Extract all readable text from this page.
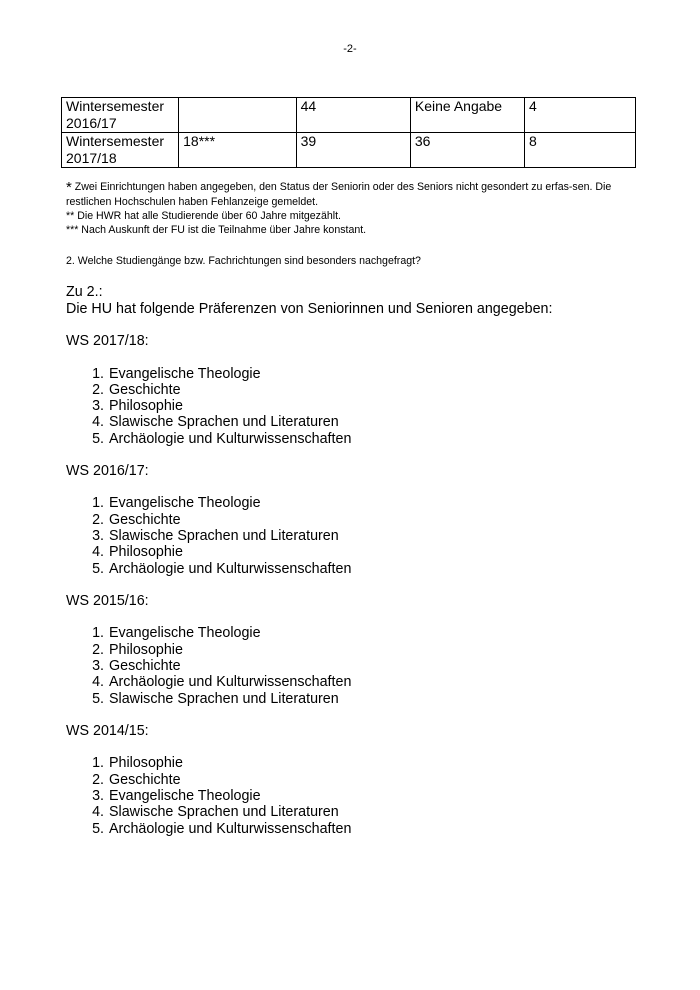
-2-
Wintersemester 2016/17		44	Keine Angabe	4
Wintersemester 2017/18	18***	39	36	8

* Zwei Einrichtungen haben angegeben, den Status der Seniorin oder des Seniors nicht gesondert zu erfas-sen. Die restlichen Hochschulen haben Fehlanzeige gemeldet.

** Die HWR hat alle Studierende über 60 Jahre mitgezählt.

*** Nach Auskunft der FU ist die Teilnahme über Jahre konstant.

2. Welche Studiengänge bzw. Fachrichtungen sind besonders nachgefragt?

Zu 2.:

Die HU hat folgende Präferenzen von Seniorinnen und Senioren angegeben:

WS 2017/18:

1. Evangelische Theologie
2. Geschichte
3. Philosophie
4. Slawische Sprachen und Literaturen
5. Archäologie und Kulturwissenschaften

WS 2016/17:

1. Evangelische Theologie
2. Geschichte
3. Slawische Sprachen und Literaturen
4. Philosophie
5. Archäologie und Kulturwissenschaften

WS 2015/16:

1. Evangelische Theologie
2. Philosophie
3. Geschichte
4. Archäologie und Kulturwissenschaften
5. Slawische Sprachen und Literaturen

WS 2014/15:

1. Philosophie
2. Geschichte
3. Evangelische Theologie
4. Slawische Sprachen und Literaturen
5. Archäologie und Kulturwissenschaften
